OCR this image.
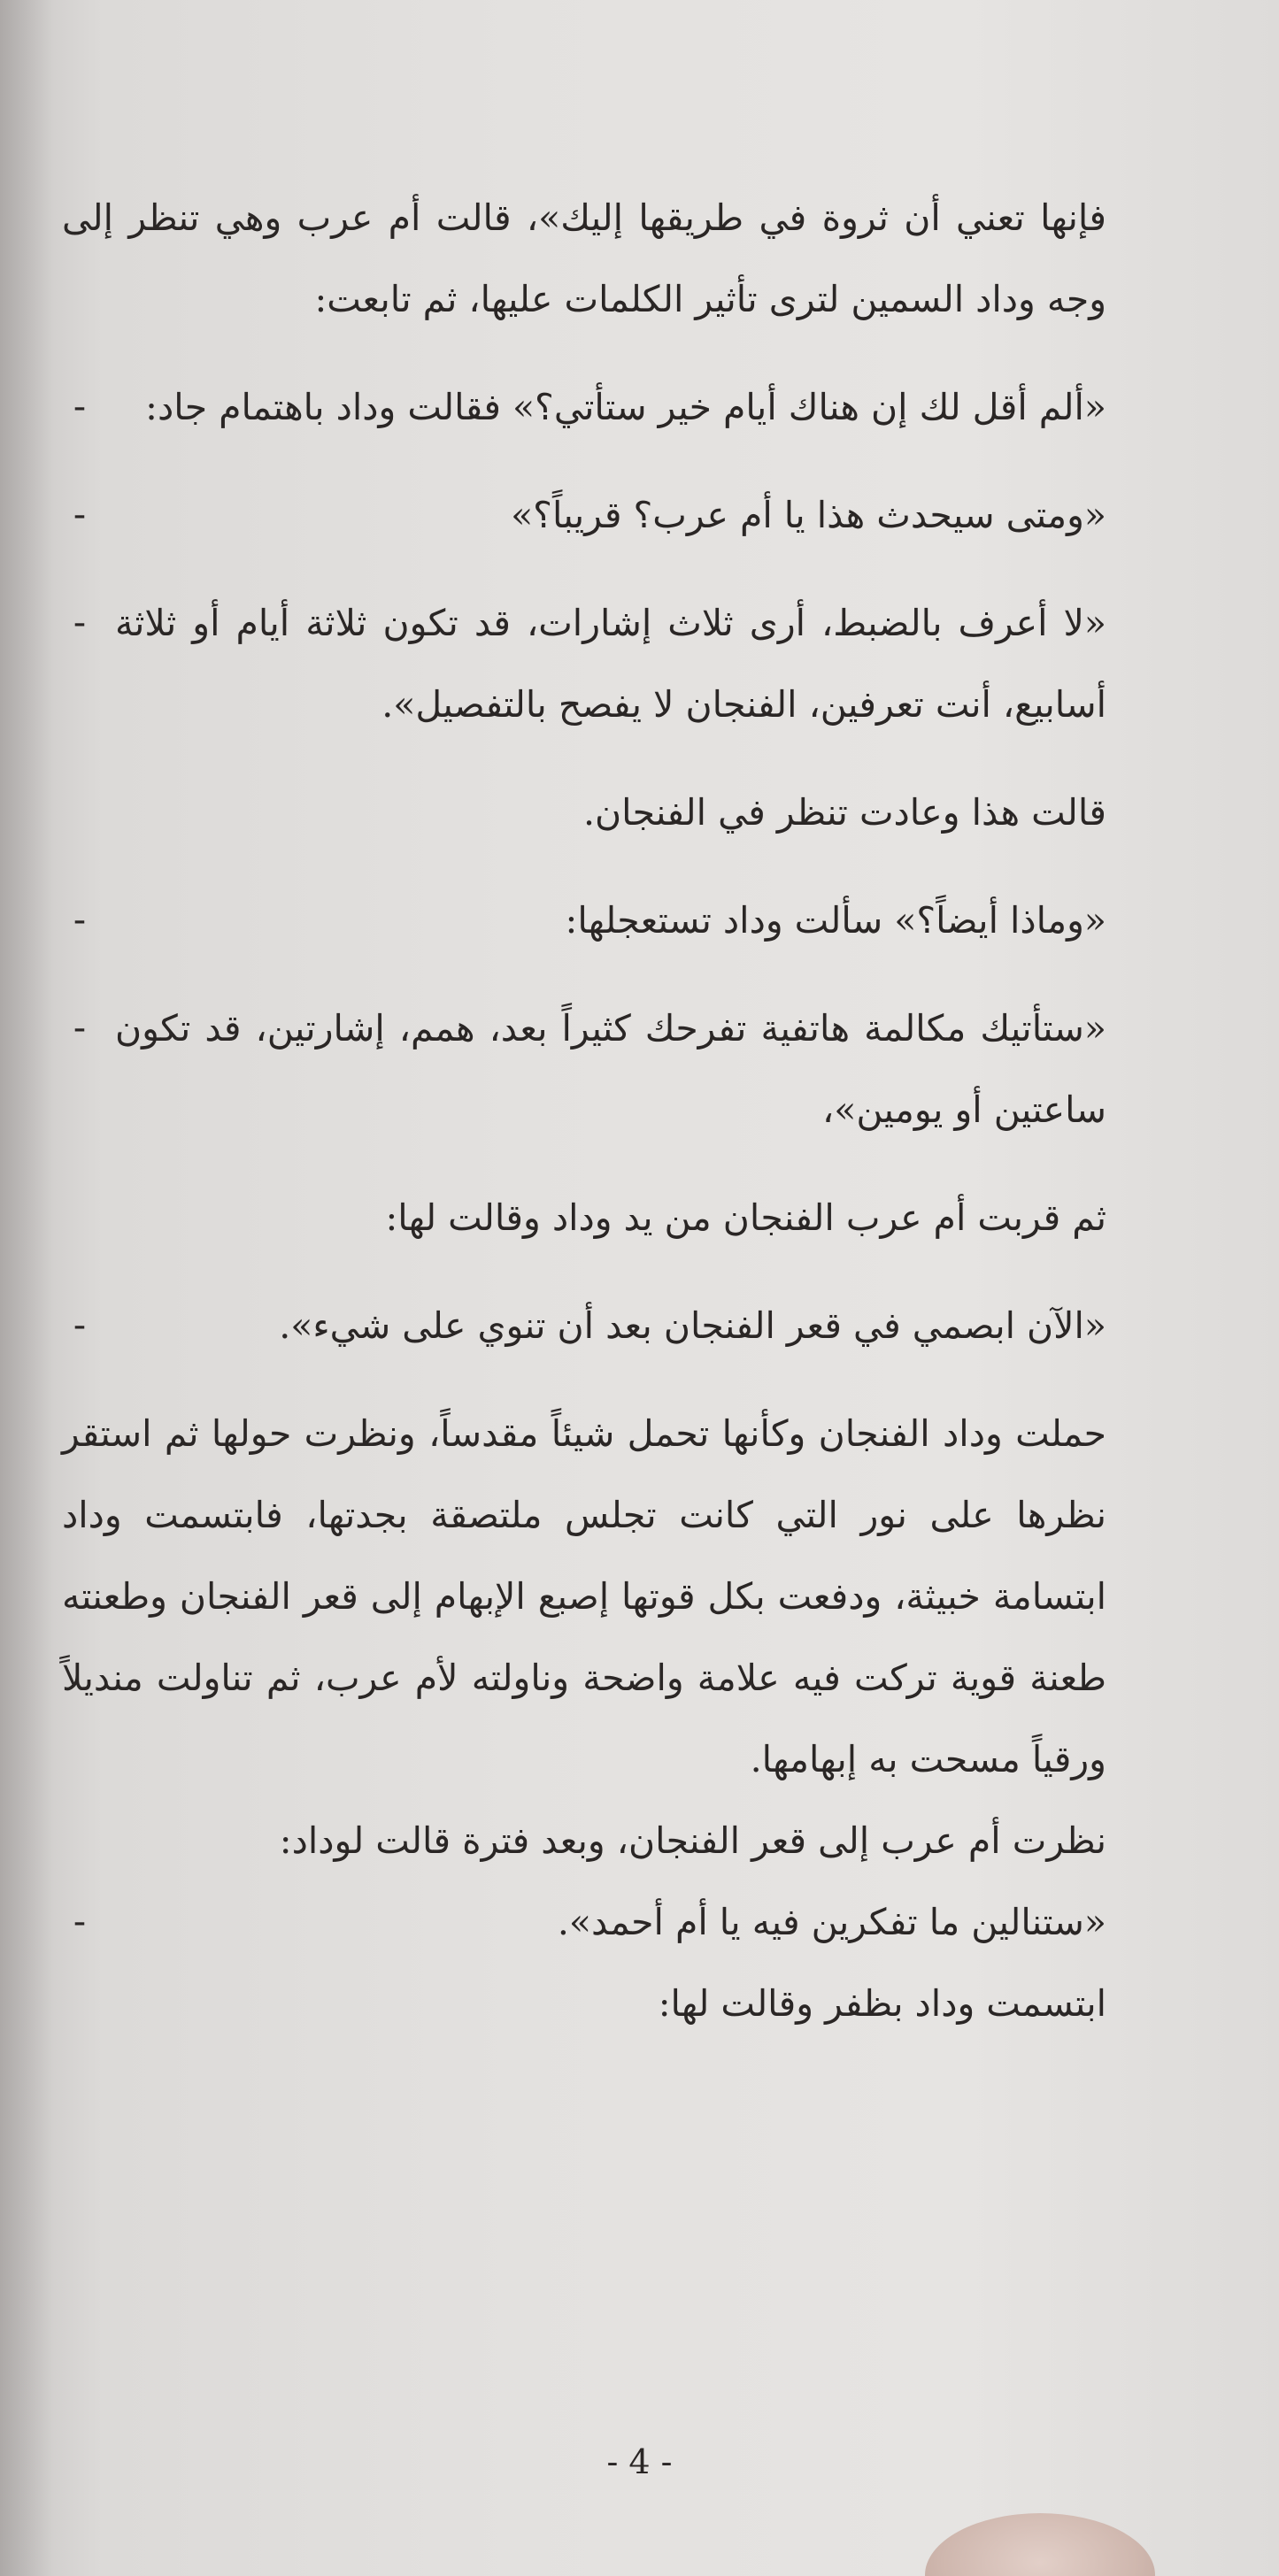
فإنها تعني أن ثروة في طريقها إليك»، قالت أم عرب وهي تنظر إلى وجه وداد السمين لترى تأثير الكلمات عليها، ثم تابعت:

-	«ألم أقل لك إن هناك أيام خير ستأتي؟» فقالت وداد باهتمام جاد:

-	«ومتى سيحدث هذا يا أم عرب؟ قريباً؟»

- «لا أعرف بالضبط، أرى ثلاث إشارات، قد تكون ثلاثة أيام أو ثلاثة أسابيع، أنت تعرفين، الفنجان لا يفصح بالتفصيل».

قالت هذا وعادت تنظر في الفنجان.

-	«وماذا أيضاً؟» سألت وداد تستعجلها:

- «ستأتيك مكالمة هاتفية تفرحك كثيراً بعد، همم، إشارتين، قد تكون ساعتين أو يومين»،

ثم قربت أم عرب الفنجان من يد وداد وقالت لها:

-	«الآن ابصمي في قعر الفنجان بعد أن تنوي على شيء».

حملت وداد الفنجان وكأنها تحمل شيئاً مقدساً، ونظرت حولها ثم استقر نظرها على نور التي كانت تجلس ملتصقة بجدتها، فابتسمت وداد ابتسامة خبيثة، ودفعت بكل قوتها إصبع الإبهام إلى قعر الفنجان وطعنته طعنة قوية تركت فيه علامة واضحة وناولته لأم عرب، ثم تناولت منديلاً ورقياً مسحت به إبهامها.

نظرت أم عرب إلى قعر الفنجان، وبعد فترة قالت لوداد:

-	«ستنالين ما تفكرين فيه يا أم أحمد».

ابتسمت وداد بظفر وقالت لها:

- 4 -
